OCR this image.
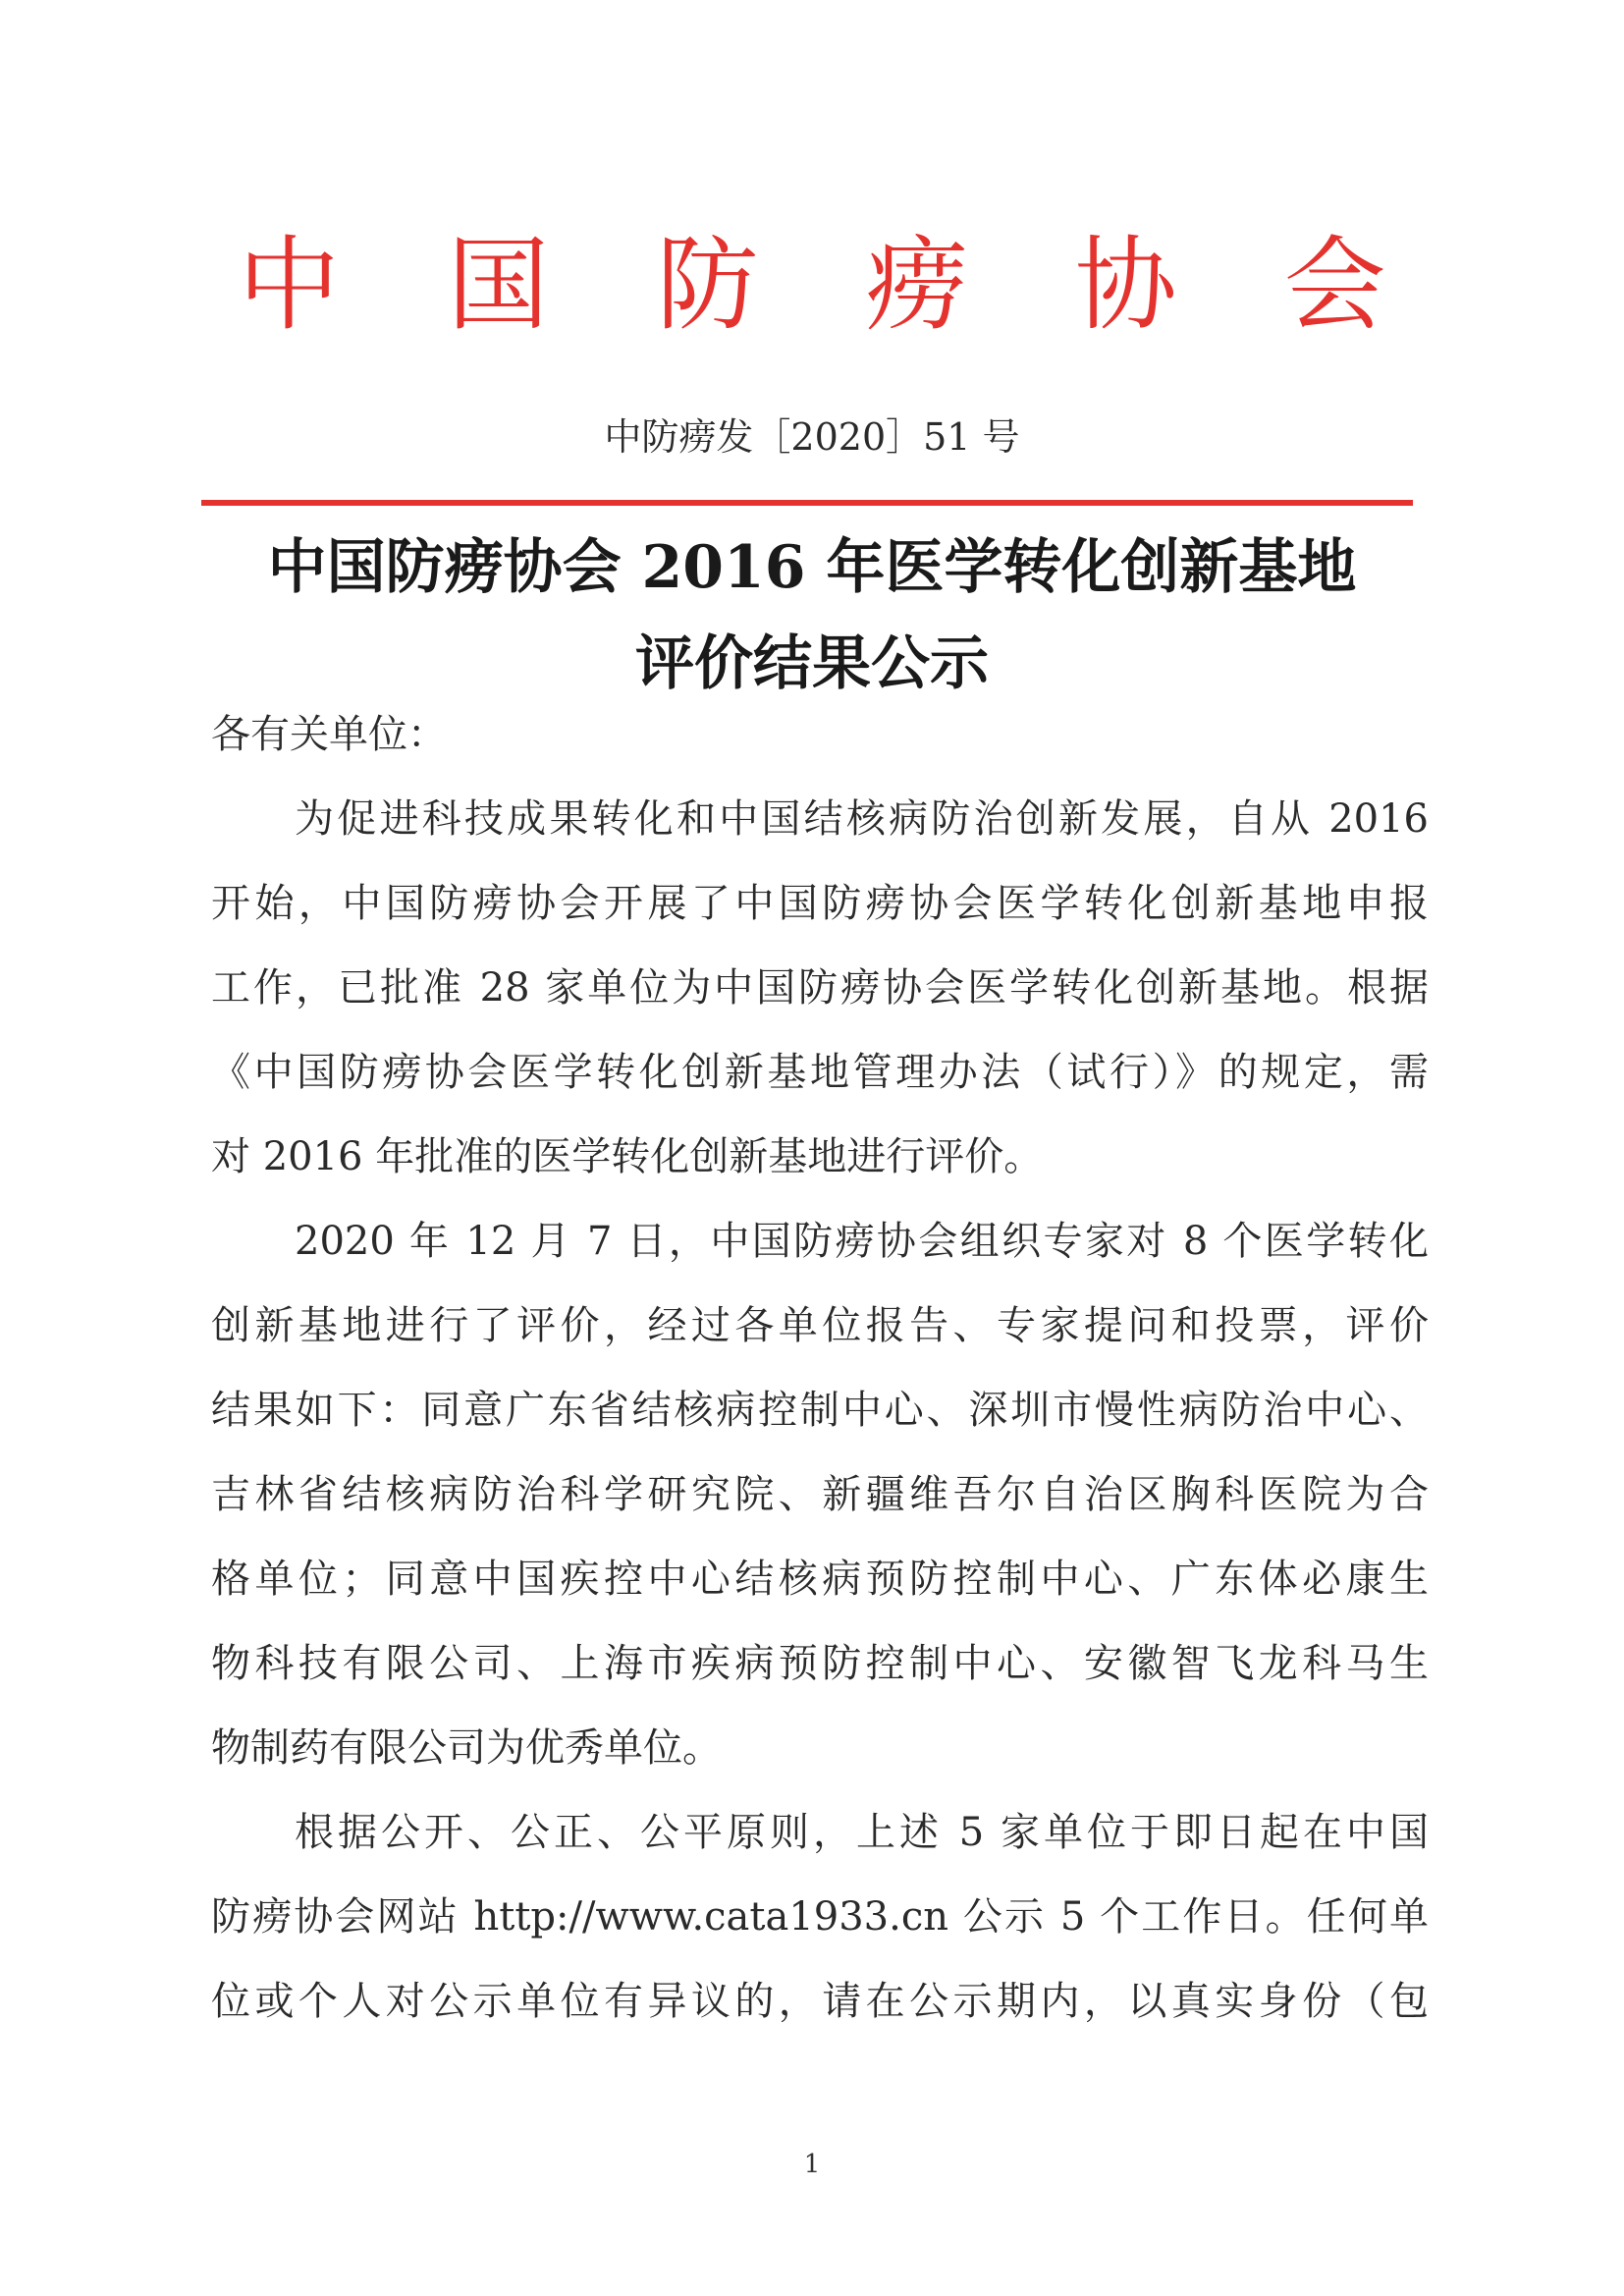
中 国 防 痨 协 会
中防痨发［2020］51 号
中国防痨协会 2016 年医学转化创新基地
评价结果公示
各有关单位：
为促进科技成果转化和中国结核病防治创新发展，自从 2016
开始，中国防痨协会开展了中国防痨协会医学转化创新基地申报
工作，已批准 28 家单位为中国防痨协会医学转化创新基地。根据
《中国防痨协会医学转化创新基地管理办法（试行）》的规定，需
对 2016 年批准的医学转化创新基地进行评价。
2020 年 12 月 7 日，中国防痨协会组织专家对 8 个医学转化
创新基地进行了评价，经过各单位报告、专家提问和投票，评价
结果如下：同意广东省结核病控制中心、深圳市慢性病防治中心、
吉林省结核病防治科学研究院、新疆维吾尔自治区胸科医院为合
格单位；同意中国疾控中心结核病预防控制中心、广东体必康生
物科技有限公司、上海市疾病预防控制中心、安徽智飞龙科马生
物制药有限公司为优秀单位。
根据公开、公正、公平原则，上述 5 家单位于即日起在中国
防痨协会网站 http://www.cata1933.cn 公示 5 个工作日。任何单
位或个人对公示单位有异议的，请在公示期内，以真实身份（包
1
